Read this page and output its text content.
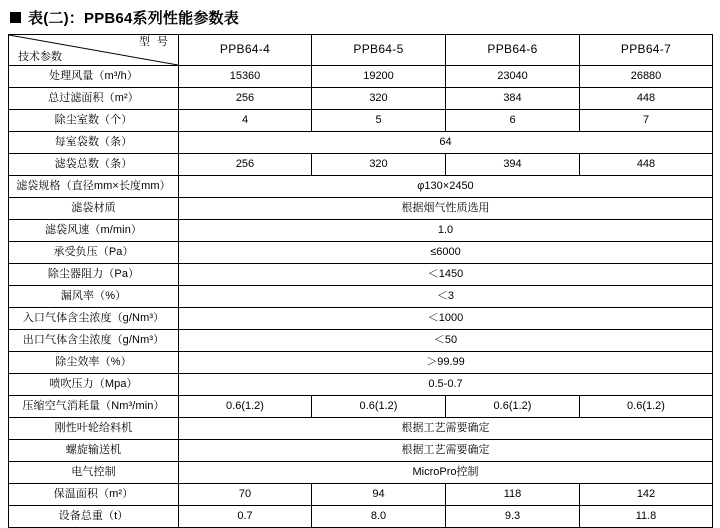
表(二)：PPB64系列性能参数表
型 号
技术参数	PPB64-4	PPB64-5	PPB64-6	PPB64-7
处理风量（m³/h）	15360	19200	23040	26880
总过滤面积（m²）	256	320	384	448
除尘室数（个）	4	5	6	7
每室袋数（条）	64			
滤袋总数（条）	256	320	394	448
滤袋规格（直径mm×长度mm）	φ130×2450			
滤袋材质	根据烟气性质选用			
滤袋风速（m/min）	1.0			
承受负压（Pa）	≤6000			
除尘器阻力（Pa）	＜1450			
漏风率（%）	＜3			
入口气体含尘浓度（g/Nm³）	＜1000			
出口气体含尘浓度（g/Nm³）	＜50			
除尘效率（%）	＞99.99			
喷吹压力（Mpa）	0.5-0.7			
压缩空气消耗量（Nm³/min）	0.6(1.2)	0.6(1.2)	0.6(1.2)	0.6(1.2)
刚性叶轮给料机	根据工艺需要确定			
螺旋输送机	根据工艺需要确定			
电气控制	MicroPro控制			
保温面积（m²）	70	94	118	142
设备总重（t）	0.7	8.0	9.3	11.8
